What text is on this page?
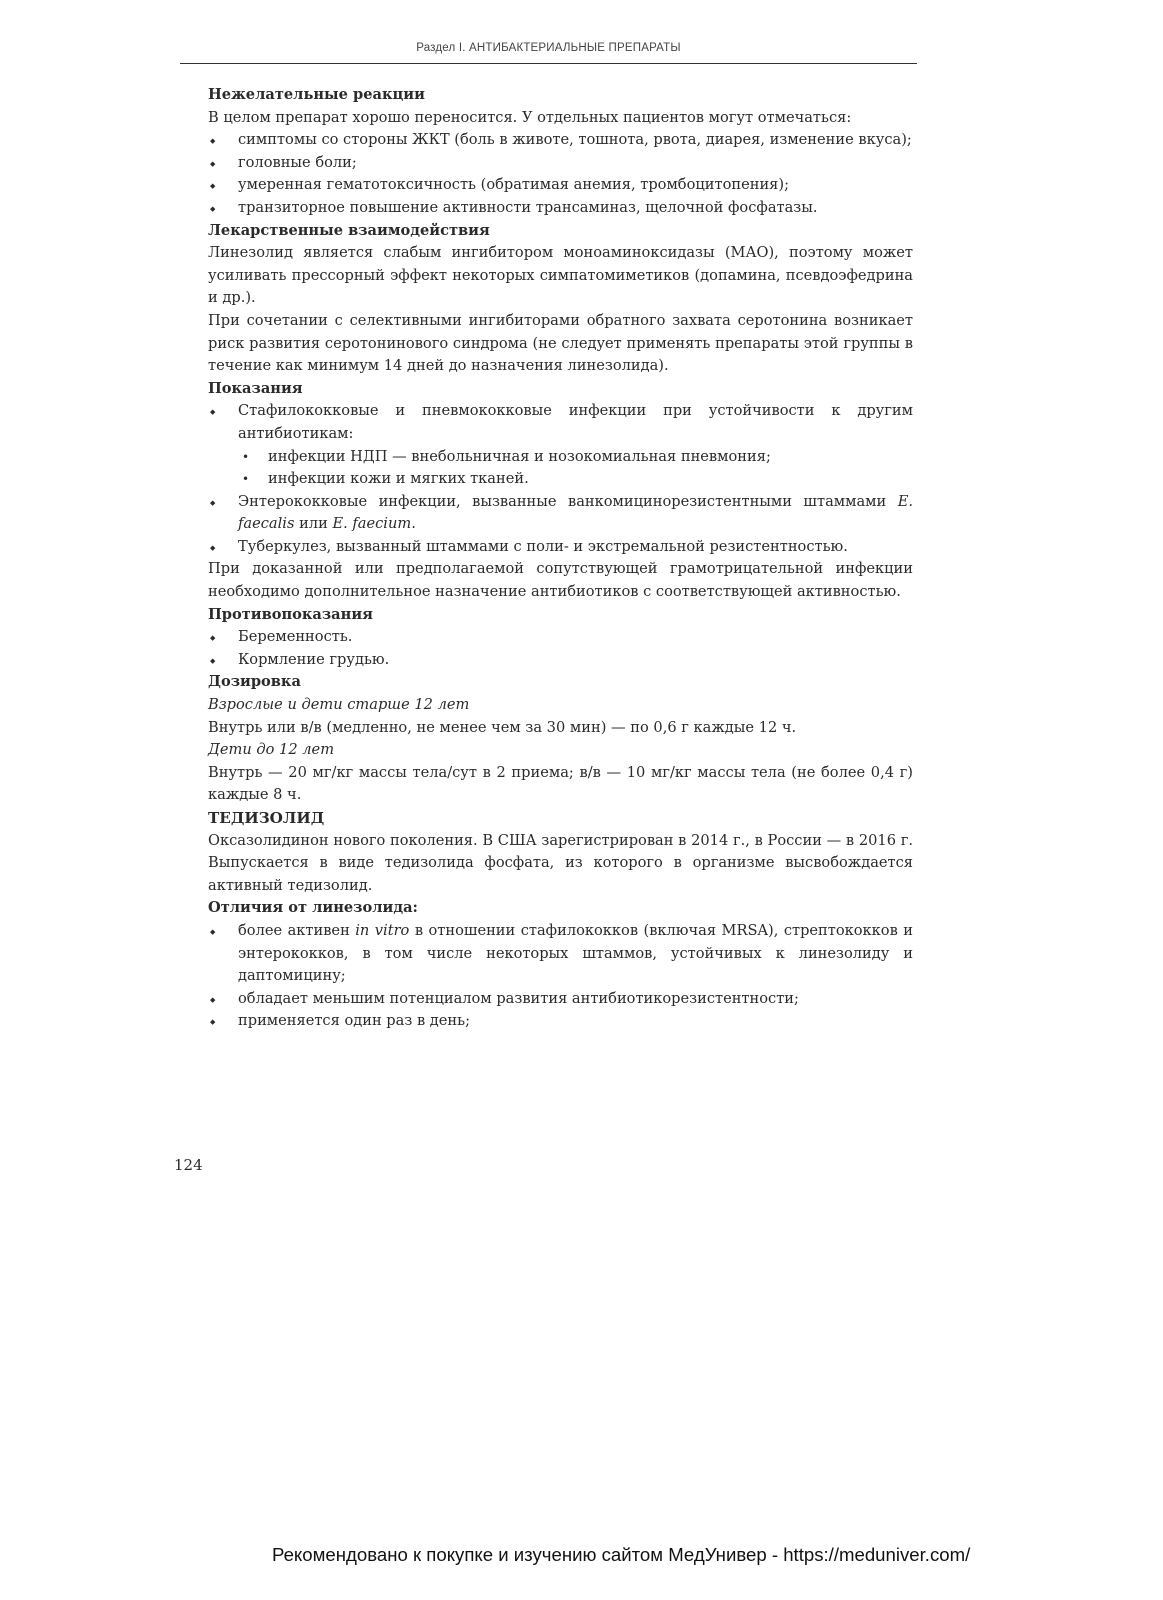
Раздел I. АНТИБАКТЕРИАЛЬНЫЕ ПРЕПАРАТЫ

Нежелательные реакции

В целом препарат хорошо переносится. У отдельных пациентов могут отмечаться:

◆ симптомы со стороны ЖКТ (боль в животе, тошнота, рвота, диарея, изменение вкуса);
◆ головные боли;
◆ умеренная гематотоксичность (обратимая анемия, тромбоцитопения);
◆ транзиторное повышение активности трансаминаз, щелочной фосфатазы.

Лекарственные взаимодействия

Линезолид является слабым ингибитором моноаминоксидазы (МАО), поэтому может усиливать прессорный эффект некоторых симпатомиметиков (допамина, псевдоэфедрина и др.).

При сочетании с селективными ингибиторами обратного захвата серотонина возникает риск развития серотонинового синдрома (не следует применять препараты этой группы в течение как минимум 14 дней до назначения линезолида).

Показания

◆ Стафилококковые и пневмококковые инфекции при устойчивости к другим антибиотикам:
• инфекции НДП — внебольничная и нозокомиальная пневмония;
• инфекции кожи и мягких тканей.
◆ Энтерококковые инфекции, вызванные ванкомицинорезистентными штаммами E. faecalis или E. faecium.
◆ Туберкулез, вызванный штаммами с поли- и экстремальной резистентностью.

При доказанной или предполагаемой сопутствующей грамотрицательной инфекции необходимо дополнительное назначение антибиотиков с соответствующей активностью.

Противопоказания

◆ Беременность.
◆ Кормление грудью.

Дозировка

Взрослые и дети старше 12 лет

Внутрь или в/в (медленно, не менее чем за 30 мин) — по 0,6 г каждые 12 ч.

Дети до 12 лет

Внутрь — 20 мг/кг массы тела/сут в 2 приема; в/в — 10 мг/кг массы тела (не более 0,4 г) каждые 8 ч.

ТЕДИЗОЛИД

Оксазолидинон нового поколения. В США зарегистрирован в 2014 г., в России — в 2016 г. Выпускается в виде тедизолида фосфата, из которого в организме высвобождается активный тедизолид.

Отличия от линезолида:

◆ более активен in vitro в отношении стафилококков (включая MRSA), стрептококков и энтерококков, в том числе некоторых штаммов, устойчивых к линезолиду и даптомицину;
◆ обладает меньшим потенциалом развития антибиотикорезистентности;
◆ применяется один раз в день;
124
Рекомендовано к покупке и изучению сайтом МедУнивер - https://meduniver.com/
